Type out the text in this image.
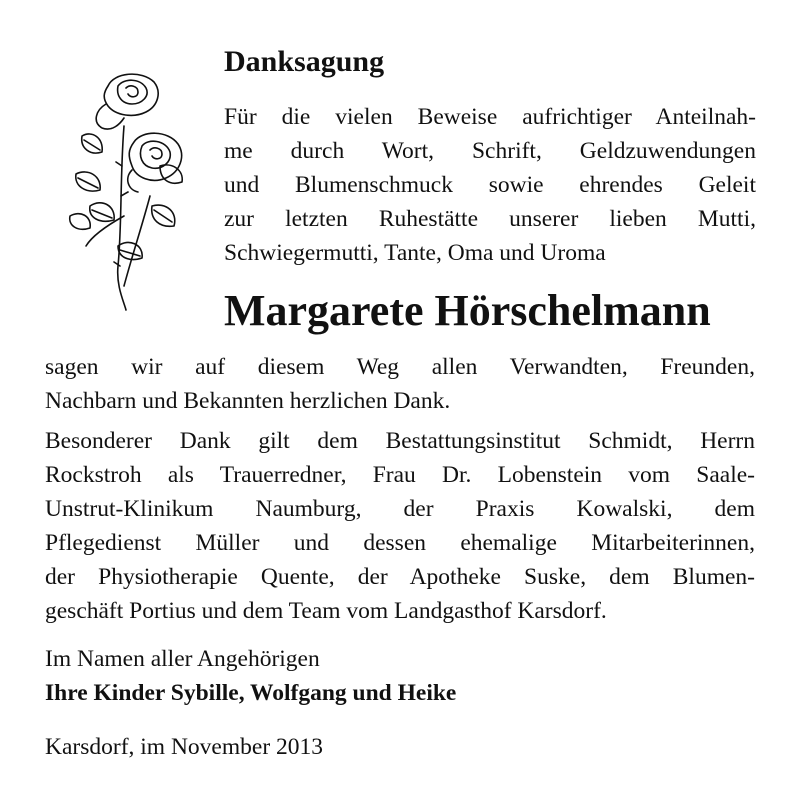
Danksagung
Für die vielen Beweise aufrichtiger Anteilnah-
me durch Wort, Schrift, Geldzuwendungen
und Blumenschmuck sowie ehrendes Geleit
zur letzten Ruhestätte unserer lieben Mutti,
Schwiegermutti, Tante, Oma und Uroma
Margarete Hörschelmann
sagen wir auf diesem Weg allen Verwandten, Freunden,
Nachbarn und Bekannten herzlichen Dank.
Besonderer Dank gilt dem Bestattungsinstitut Schmidt, Herrn
Rockstroh als Trauerredner, Frau Dr. Lobenstein vom Saale-
Unstrut-Klinikum Naumburg, der Praxis Kowalski, dem
Pflegedienst Müller und dessen ehemalige Mitarbeiterinnen,
der Physiotherapie Quente, der Apotheke Suske, dem Blumen-
geschäft Portius und dem Team vom Landgasthof Karsdorf.
Im Namen aller Angehörigen
Ihre Kinder Sybille, Wolfgang und Heike
Karsdorf, im November 2013
